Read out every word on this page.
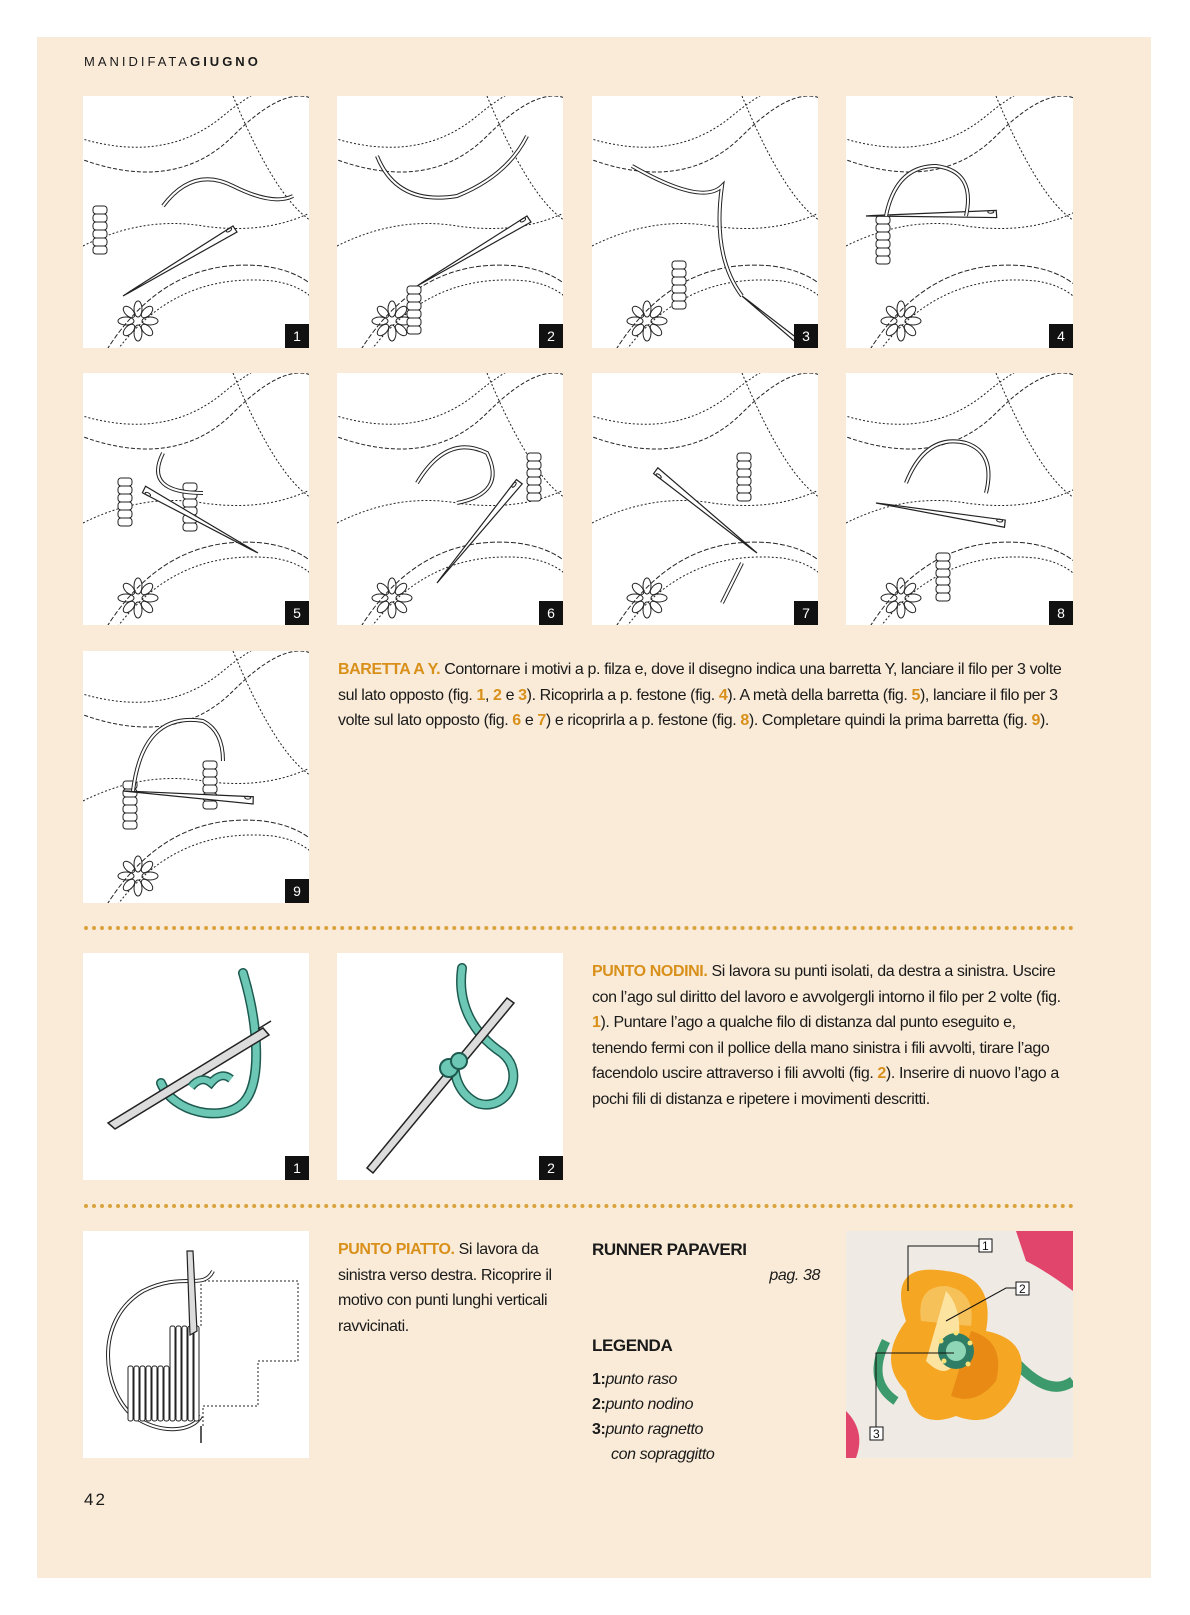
MANIDIFATAGIUGNO
1	2	3	4
5	6	7	8
9
BARETTA A Y. Contornare i motivi a p. filza e, dove il disegno indica una barretta Y, lanciare il filo per 3 volte sul lato opposto (fig. 1, 2 e 3). Ricoprirla a p. festone (fig. 4). A metà della barretta (fig. 5), lanciare il filo per 3 volte sul lato opposto (fig. 6 e 7) e ricoprirla a p. festone (fig. 8). Completare quindi la prima barretta (fig. 9).
1	2
PUNTO NODINI. Si lavora su punti isolati, da destra a sinistra. Uscire con l’ago sul diritto del lavoro e avvolgergli intorno il filo per 2 volte (fig. 1). Puntare l’ago a qualche filo di distanza dal punto eseguito e, tenendo fermi con il pollice della mano sinistra i fili avvolti, tirare l’ago facendolo uscire attraverso i fili avvolti (fig. 2). Inserire di nuovo l’ago a pochi fili di distanza e ripetere i movimenti descritti.
PUNTO PIATTO. Si lavora da sinistra verso destra. Ricoprire il motivo con punti lunghi verticali ravvicinati.
RUNNER PAPAVERI
pag. 38
LEGENDA
1:punto raso
2:punto nodino
3:punto ragnetto
con sopraggitto
1
2
3
42
